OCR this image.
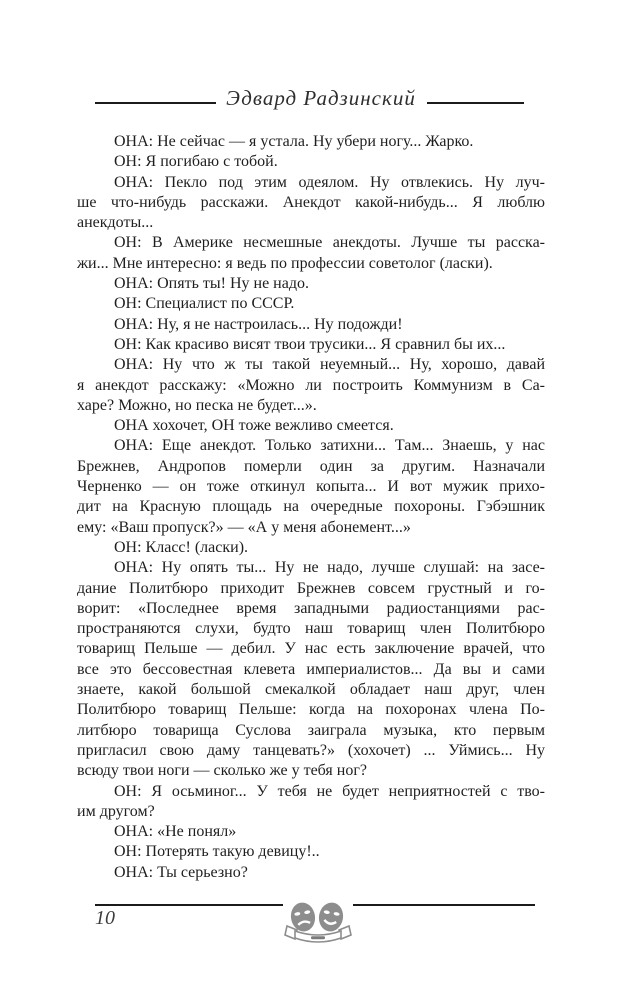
Эдвард Радзинский

ОНА: Не сейчас — я устала. Ну убери ногу... Жарко.

ОН: Я погибаю с тобой.

ОНА: Пекло под этим одеялом. Ну отвлекись. Ну луч-
ше что-нибудь расскажи. Анекдот какой-нибудь... Я люблю
анекдоты...

ОН: В Америке несмешные анекдоты. Лучше ты расска-
жи... Мне интересно: я ведь по профессии советолог (ласки).

ОНА: Опять ты! Ну не надо.

ОН: Специалист по СССР.

ОНА: Ну, я не настроилась... Ну подожди!

ОН: Как красиво висят твои трусики... Я сравнил бы их...

ОНА: Ну что ж ты такой неуемный... Ну, хорошо, давай
я анекдот расскажу: «Можно ли построить Коммунизм в Са-
харе? Можно, но песка не будет...».

ОНА хохочет, ОН тоже вежливо смеется.

ОНА: Еще анекдот. Только затихни... Там... Знаешь, у нас
Брежнев, Андропов померли один за другим. Назначали
Черненко — он тоже откинул копыта... И вот мужик прихо-
дит на Красную площадь на очередные похороны. Гэбэшник
ему: «Ваш пропуск?» — «А у меня абонемент...»

ОН: Класс! (ласки).

ОНА: Ну опять ты... Ну не надо, лучше слушай: на засе-
дание Политбюро приходит Брежнев совсем грустный и го-
ворит: «Последнее время западными радиостанциями рас-
пространяются слухи, будто наш товарищ член Политбюро
товарищ Пельше — дебил. У нас есть заключение врачей, что
все это бессовестная клевета империалистов... Да вы и сами
знаете, какой большой смекалкой обладает наш друг, член
Политбюро товарищ Пельше: когда на похоронах члена По-
литбюро товарища Суслова заиграла музыка, кто первым
пригласил свою даму танцевать?» (хохочет) ... Уймись... Ну
всюду твои ноги — сколько же у тебя ног?

ОН: Я осьминог... У тебя не будет неприятностей с тво-
им другом?

ОНА: «Не понял»

ОН: Потерять такую девицу!..

ОНА: Ты серьезно?

10
